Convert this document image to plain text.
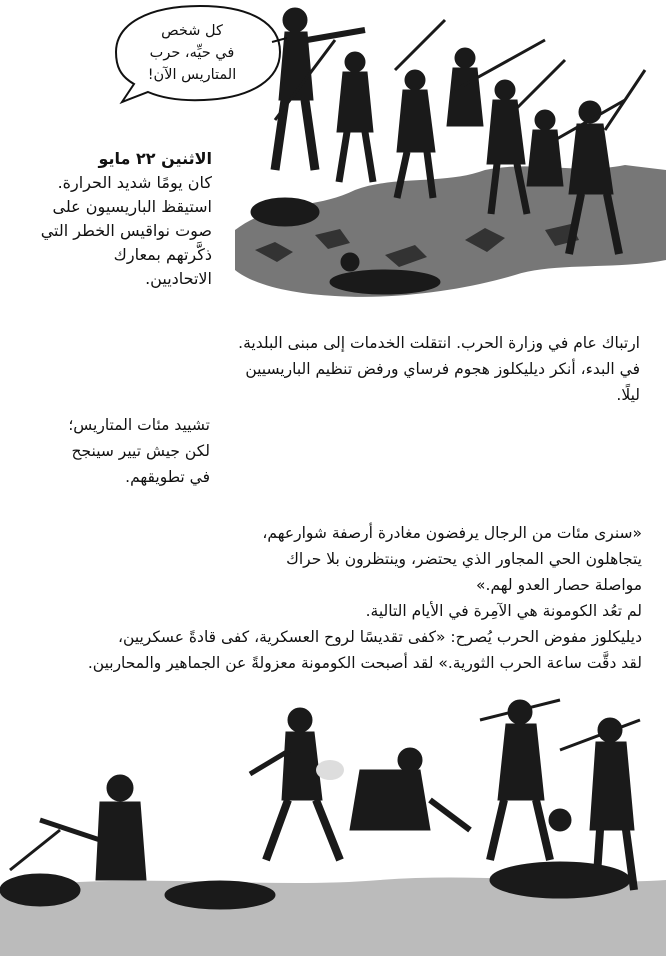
كل شخص
في حيِّه، حرب
المتاريس الآن!
الاثنين ٢٢ مايو
كان يومًا شديد الحرارة.
استيقظ الباريسيون على
صوت نواقيس الخطر التي
ذكَّرتهم بمعارك
الاتحاديين.
ارتباك عام في وزارة الحرب. انتقلت الخدمات إلى مبنى البلدية.
في البدء، أنكر ديليكلوز هجوم فرساي ورفض تنظيم الباريسيين
ليلًا.
تشييد مئات المتاريس؛
لكن جيش تيير سينجح
في تطويقهم.
«سنرى مئات من الرجال يرفضون مغادرة أرصفة شوارعهم،
يتجاهلون الحي المجاور الذي يحتضر، وينتظرون بلا حراك
مواصلة حصار العدو لهم.»
لم تعُد الكومونة هي الآمِرة في الأيام التالية.
ديليكلوز مفوض الحرب يُصرح: «كفى تقديسًا لروح العسكرية، كفى قادةً عسكريين،
لقد دقَّت ساعة الحرب الثورية.» لقد أصبحت الكومونة معزولةً عن الجماهير والمحاربين.
